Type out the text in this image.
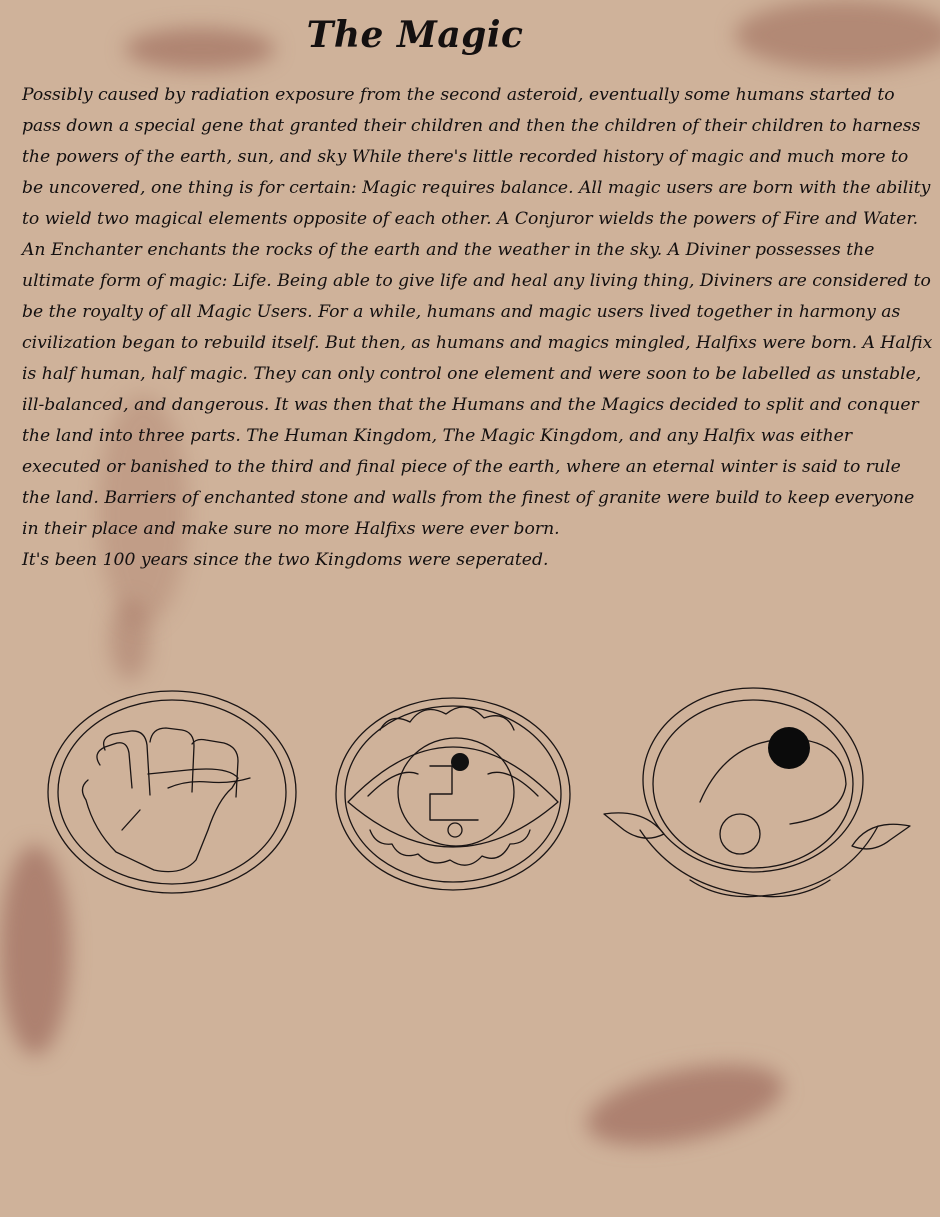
The Magic

Possibly caused by radiation exposure from the second asteroid, eventually some humans started to pass down a special gene that granted their children and then the children of their children to harness the powers of the earth, sun, and sky While there's little recorded history of magic and much more to be uncovered, one thing is for certain: Magic requires balance. All magic users are born with the ability to wield two magical elements opposite of each other. A Conjuror wields the powers of Fire and Water. An Enchanter enchants the rocks of the earth and the weather in the sky. A Diviner possesses the ultimate form of magic: Life. Being able to give life and heal any living thing, Diviners are considered to be the royalty of all Magic Users. For a while, humans and magic users lived together in harmony as civilization began to rebuild itself. But then, as humans and magics mingled, Halfixs were born. A Halfix is half human, half magic. They can only control one element and were soon to be labelled as unstable, ill-balanced, and dangerous. It was then that the Humans and the Magics decided to split and conquer the land into three parts. The Human Kingdom, The Magic Kingdom, and any Halfix was either executed or banished to the third and final piece of the earth, where an eternal winter is said to rule the land. Barriers of enchanted stone and walls from the finest of granite were build to keep everyone in their place and make sure no more Halfixs were ever born.

It's been 100 years since the two Kingdoms were seperated.
